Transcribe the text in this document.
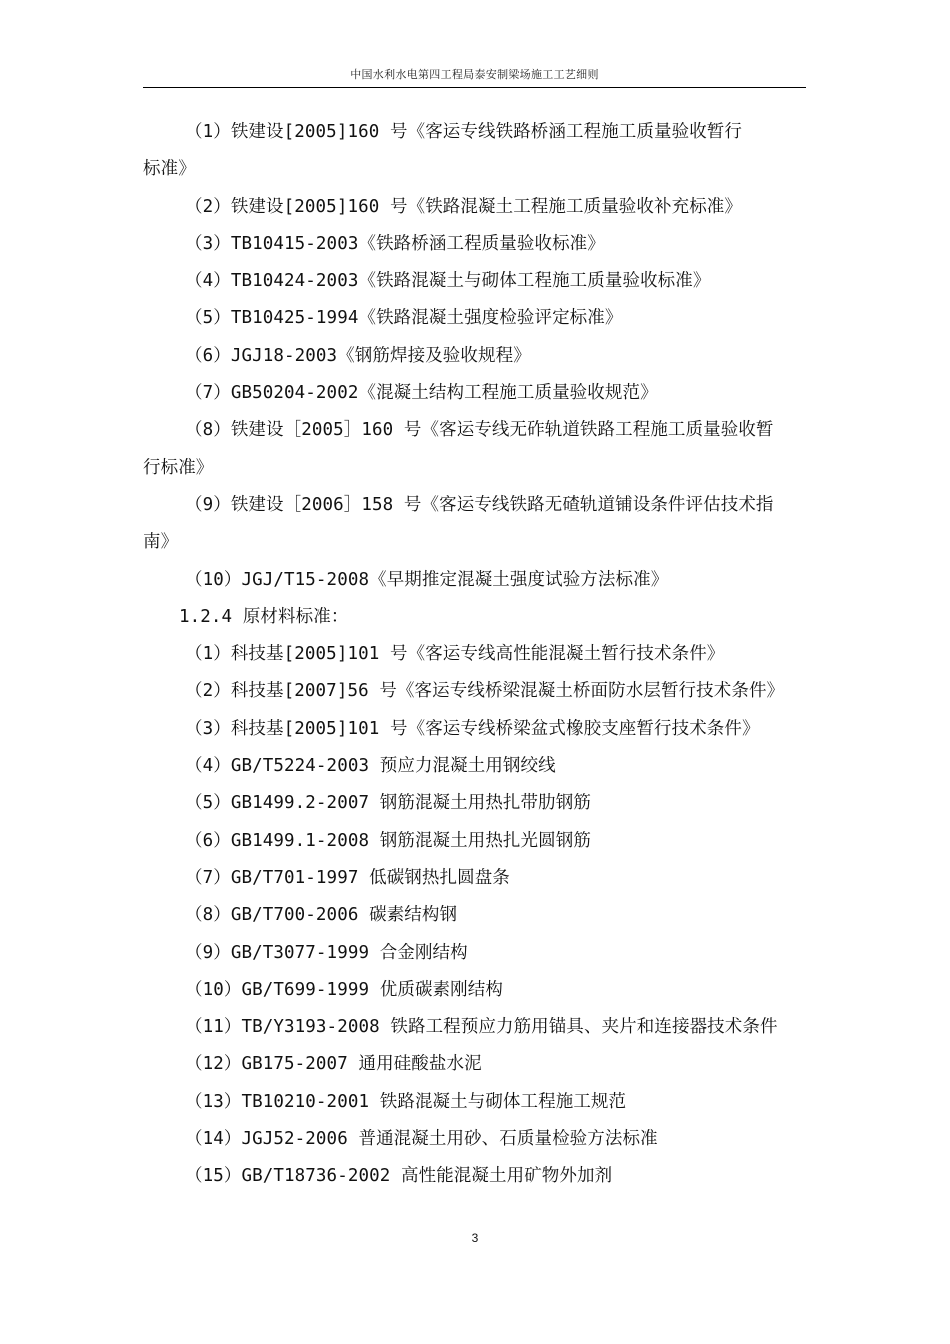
中国水利水电第四工程局泰安制梁场施工工艺细则

（1）铁建设[2005]160 号《客运专线铁路桥涵工程施工质量验收暂行

标准》

（2）铁建设[2005]160 号《铁路混凝土工程施工质量验收补充标准》

（3）TB10415-2003《铁路桥涵工程质量验收标准》

（4）TB10424-2003《铁路混凝土与砌体工程施工质量验收标准》

（5）TB10425-1994《铁路混凝土强度检验评定标准》

（6）JGJ18-2003《钢筋焊接及验收规程》

（7）GB50204-2002《混凝土结构工程施工质量验收规范》

（8）铁建设［2005］160 号《客运专线无砟轨道铁路工程施工质量验收暂

行标准》

（9）铁建设［2006］158 号《客运专线铁路无碴轨道铺设条件评估技术指

南》

（10）JGJ/T15-2008《早期推定混凝土强度试验方法标准》

1.2.4 原材料标准：

（1）科技基[2005]101 号《客运专线高性能混凝土暂行技术条件》

（2）科技基[2007]56 号《客运专线桥梁混凝土桥面防水层暂行技术条件》

（3）科技基[2005]101 号《客运专线桥梁盆式橡胶支座暂行技术条件》

（4）GB/T5224-2003 预应力混凝土用钢绞线

（5）GB1499.2-2007 钢筋混凝土用热扎带肋钢筋

（6）GB1499.1-2008 钢筋混凝土用热扎光圆钢筋

（7）GB/T701-1997 低碳钢热扎圆盘条

（8）GB/T700-2006 碳素结构钢

（9）GB/T3077-1999 合金刚结构

（10）GB/T699-1999 优质碳素刚结构

（11）TB/Y3193-2008 铁路工程预应力筋用锚具、夹片和连接器技术条件

（12）GB175-2007 通用硅酸盐水泥

（13）TB10210-2001 铁路混凝土与砌体工程施工规范

（14）JGJ52-2006 普通混凝土用砂、石质量检验方法标准

（15）GB/T18736-2002 高性能混凝土用矿物外加剂

3
